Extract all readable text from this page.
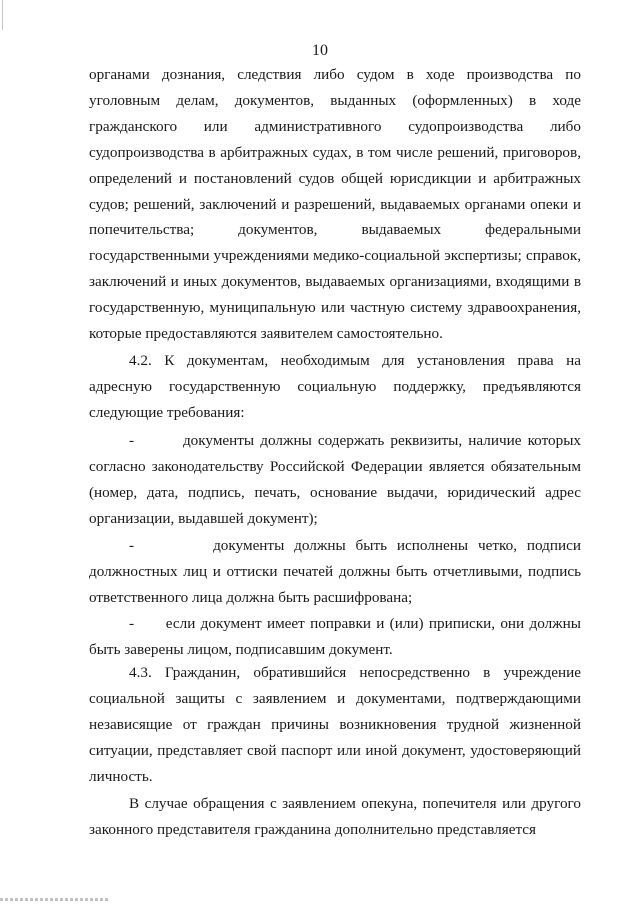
10

органами дознания, следствия либо судом в ходе производства по уголовным делам, документов, выданных (оформленных) в ходе гражданского или административного судопроизводства либо судопроизводства в арбитражных судах, в том числе решений, приговоров, определений и постановлений судов общей юрисдикции и арбитражных судов; решений, заключений и разрешений, выдаваемых органами опеки и попечительства; документов, выдаваемых федеральными государственными учреждениями медико-социальной экспертизы; справок, заключений и иных документов, выдаваемых организациями, входящими в государственную, муниципальную или частную систему здравоохранения, которые предоставляются заявителем самостоятельно.

4.2. К документам, необходимым для установления права на адресную государственную социальную поддержку, предъявляются следующие требования:

-        документы должны содержать реквизиты, наличие которых согласно законодательству Российской Федерации является обязательным (номер, дата, подпись, печать, основание выдачи, юридический адрес организации, выдавшей документ);

-        документы должны быть исполнены четко, подписи должностных лиц и оттиски печатей должны быть отчетливыми, подпись ответственного лица должна быть расшифрована;

-      если документ имеет поправки и (или) приписки, они должны быть заверены лицом, подписавшим документ.

4.3. Гражданин, обратившийся непосредственно в учреждение социальной защиты с заявлением и документами, подтверждающими независящие от граждан причины возникновения трудной жизненной ситуации, представляет свой паспорт или иной документ, удостоверяющий личность.

В случае обращения с заявлением опекуна, попечителя или другого законного представителя гражданина дополнительно представляется
